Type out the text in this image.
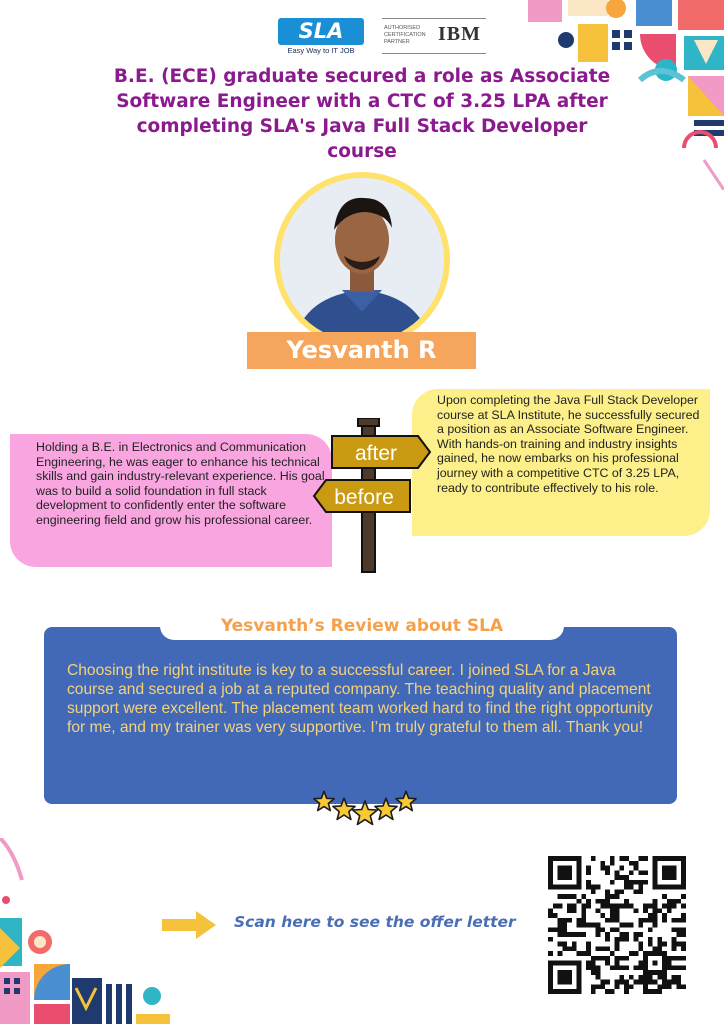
SLA
Easy Way to IT JOB
AUTHORISED CERTIFICATION PARTNER	IBM
B.E. (ECE) graduate secured a role as Associate Software Engineer with a CTC of 3.25 LPA after completing SLA's Java Full Stack Developer course
Yesvanth R
Upon completing the Java Full Stack Developer course at SLA Institute, he successfully secured a position as an Associate Software Engineer. With hands-on training and industry insights gained, he now embarks on his professional journey with a competitive CTC of 3.25 LPA, ready to contribute effectively to his role.
Holding a B.E. in Electronics and Communication Engineering, he was eager to enhance his technical skills and gain industry-relevant experience. His goal was to build a solid foundation in full stack development to confidently enter the software engineering field and grow his professional career.
after
before
Yesvanth’s Review about SLA
Choosing the right institute is key to a successful career. I joined SLA for a Java course and secured a job at a reputed company. The teaching quality and placement support were excellent. The placement team worked hard to find the right opportunity for me, and my trainer was very supportive. I’m truly grateful to them all. Thank you!
Scan here to see the offer letter
